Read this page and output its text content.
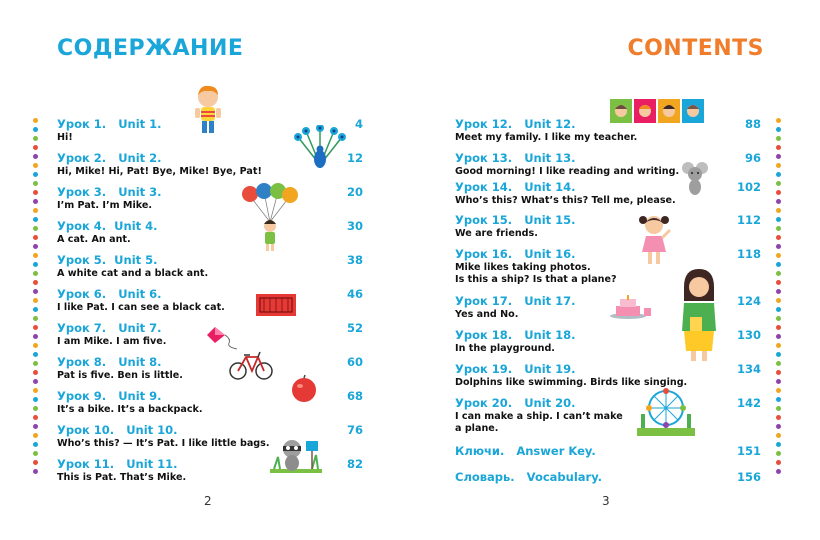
СОДЕРЖАНИЕ
Урок 1.   Unit 1.	4
Hi!
Урок 2.   Unit 2.	12
Hi, Mike! Hi, Pat! Bye, Mike! Bye, Pat!
Урок 3.   Unit 3.	20
I’m Pat. I’m Mike.
Урок 4.  Unit 4.	30
A cat. An ant.
Урок 5.  Unit 5.	38
A white cat and a black ant.
Урок 6.   Unit 6.	46
I like Pat. I can see a black cat.
Урок 7.   Unit 7.	52
I am Mike. I am five.
Урок 8.   Unit 8.	60
Pat is five. Ben is little.
Урок 9.   Unit 9.	68
It’s a bike. It’s a backpack.
Урок 10.   Unit 10.	76
Who’s this? — It’s Pat. I like little bags.
Урок 11.   Unit 11.	82
This is Pat. That’s Mike.
2
CONTENTS
Урок 12.   Unit 12.	88
Meet my family. I like my teacher.
Урок 13.   Unit 13.	96
Good morning! I like reading and writing.
Урок 14.   Unit 14.	102
Who’s this? What’s this? Tell me, please.
Урок 15.   Unit 15.	112
We are friends.
Урок 16.   Unit 16.	118
Mike likes taking photos.
Is this a ship? Is that a plane?
Урок 17.   Unit 17.	124
Yes and No.
Урок 18.   Unit 18.	130
In the playground.
Урок 19.   Unit 19.	134
Dolphins like swimming. Birds like singing.
Урок 20.   Unit 20.	142
I can make a ship. I can’t make
a plane.
Ключи.   Answer Key.	151
Словарь.   Vocabulary.	156
3
